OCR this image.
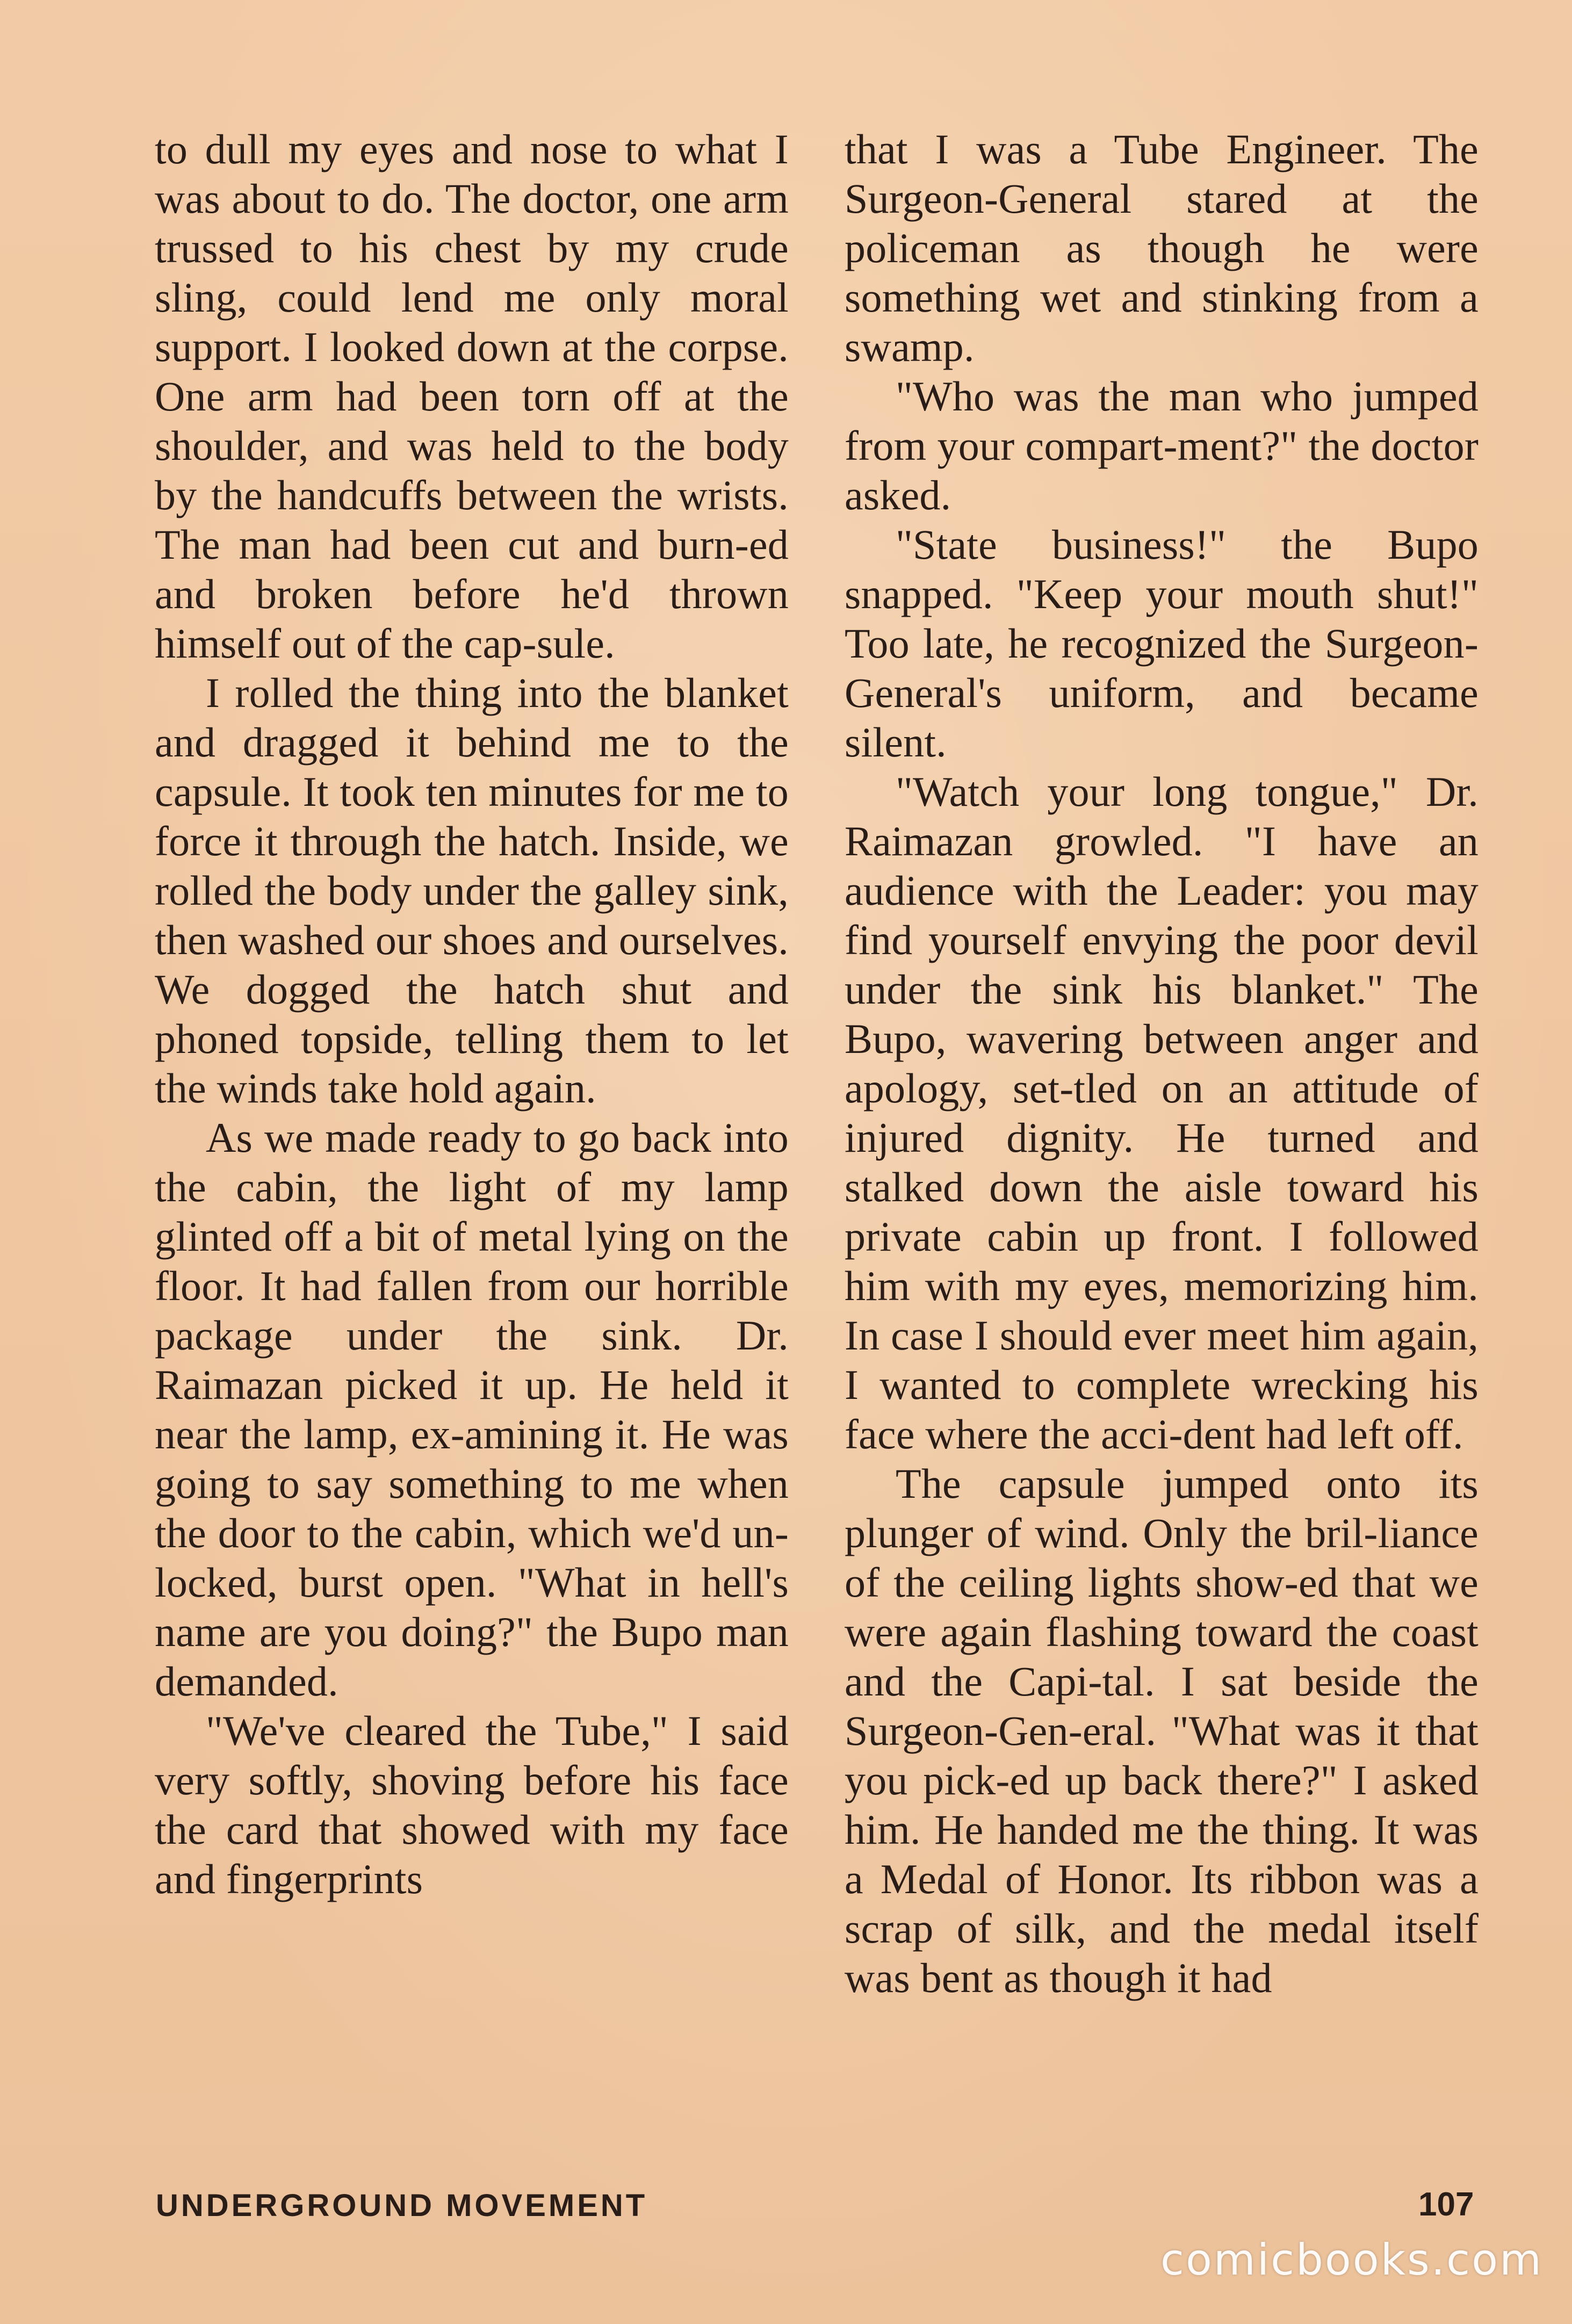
to dull my eyes and nose to what I was about to do. The doctor, one arm trussed to his chest by my crude sling, could lend me only moral support. I looked down at the corpse. One arm had been torn off at the shoulder, and was held to the body by the handcuffs between the wrists. The man had been cut and burn-ed and broken before he'd thrown himself out of the cap-sule.

I rolled the thing into the blanket and dragged it behind me to the capsule. It took ten minutes for me to force it through the hatch. Inside, we rolled the body under the galley sink, then washed our shoes and ourselves. We dogged the hatch shut and phoned topside, telling them to let the winds take hold again.

As we made ready to go back into the cabin, the light of my lamp glinted off a bit of metal lying on the floor. It had fallen from our horrible package under the sink. Dr. Raimazan picked it up. He held it near the lamp, ex-amining it. He was going to say something to me when the door to the cabin, which we'd un-locked, burst open. "What in hell's name are you doing?" the Bupo man demanded.

"We've cleared the Tube," I said very softly, shoving before his face the card that showed with my face and fingerprints

that I was a Tube Engineer. The Surgeon-General stared at the policeman as though he were something wet and stinking from a swamp.

"Who was the man who jumped from your compart-ment?" the doctor asked.

"State business!" the Bupo snapped. "Keep your mouth shut!" Too late, he recognized the Surgeon-General's uniform, and became silent.

"Watch your long tongue," Dr. Raimazan growled. "I have an audience with the Leader: you may find yourself envying the poor devil under the sink his blanket." The Bupo, wavering between anger and apology, set-tled on an attitude of injured dignity. He turned and stalked down the aisle toward his private cabin up front. I followed him with my eyes, memorizing him. In case I should ever meet him again, I wanted to complete wrecking his face where the acci-dent had left off.

The capsule jumped onto its plunger of wind. Only the bril-liance of the ceiling lights show-ed that we were again flashing toward the coast and the Capi-tal. I sat beside the Surgeon-Gen-eral. "What was it that you pick-ed up back there?" I asked him. He handed me the thing. It was a Medal of Honor. Its ribbon was a scrap of silk, and the medal itself was bent as though it had

UNDERGROUND MOVEMENT	107
comicbooks.com
